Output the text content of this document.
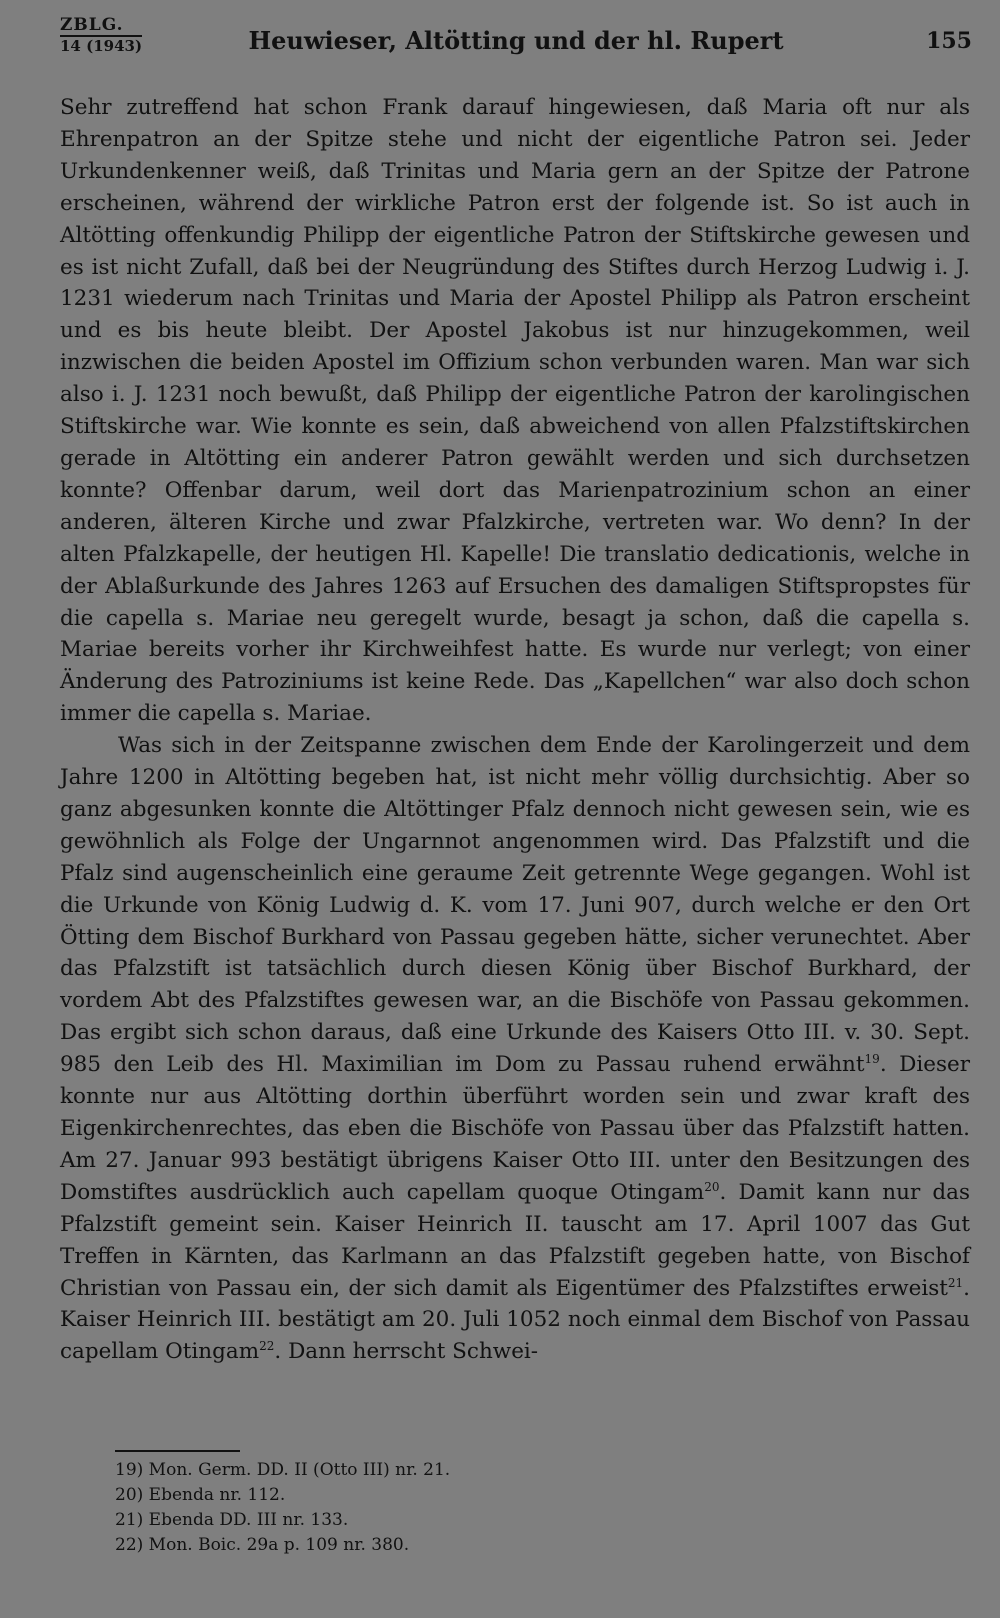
ZBLG.
14 (1943)	Heuwieser, Altötting und der hl. Rupert	155

Sehr zutreffend hat schon Frank darauf hingewiesen, daß Maria oft nur als Ehrenpatron an der Spitze stehe und nicht der eigentliche Patron sei. Jeder Urkundenkenner weiß, daß Trinitas und Maria gern an der Spitze der Patrone erscheinen, während der wirkliche Patron erst der folgende ist. So ist auch in Altötting offenkundig Philipp der eigentliche Patron der Stiftskirche gewesen und es ist nicht Zufall, daß bei der Neugründung des Stiftes durch Herzog Ludwig i. J. 1231 wiederum nach Trinitas und Maria der Apostel Philipp als Patron erscheint und es bis heute bleibt. Der Apostel Jakobus ist nur hinzugekommen, weil inzwischen die beiden Apostel im Offizium schon verbunden waren. Man war sich also i. J. 1231 noch bewußt, daß Philipp der eigentliche Patron der karolingischen Stiftskirche war. Wie konnte es sein, daß abweichend von allen Pfalzstiftskirchen gerade in Altötting ein anderer Patron gewählt werden und sich durchsetzen konnte? Offenbar darum, weil dort das Marienpatrozinium schon an einer anderen, älteren Kirche und zwar Pfalzkirche, vertreten war. Wo denn? In der alten Pfalzkapelle, der heutigen Hl. Kapelle! Die translatio dedicationis, welche in der Ablaßurkunde des Jahres 1263 auf Ersuchen des damaligen Stiftspropstes für die capella s. Mariae neu geregelt wurde, besagt ja schon, daß die capella s. Mariae bereits vorher ihr Kirchweihfest hatte. Es wurde nur verlegt; von einer Änderung des Patroziniums ist keine Rede. Das „Kapellchen“ war also doch schon immer die capella s. Mariae.

Was sich in der Zeitspanne zwischen dem Ende der Karolingerzeit und dem Jahre 1200 in Altötting begeben hat, ist nicht mehr völlig durchsichtig. Aber so ganz abgesunken konnte die Altöttinger Pfalz dennoch nicht gewesen sein, wie es gewöhnlich als Folge der Ungarnnot angenommen wird. Das Pfalzstift und die Pfalz sind augenscheinlich eine geraume Zeit getrennte Wege gegangen. Wohl ist die Urkunde von König Ludwig d. K. vom 17. Juni 907, durch welche er den Ort Ötting dem Bischof Burkhard von Passau gegeben hätte, sicher verunechtet. Aber das Pfalzstift ist tatsächlich durch diesen König über Bischof Burkhard, der vordem Abt des Pfalzstiftes gewesen war, an die Bischöfe von Passau gekommen. Das ergibt sich schon daraus, daß eine Urkunde des Kaisers Otto III. v. 30. Sept. 985 den Leib des Hl. Maximilian im Dom zu Passau ruhend erwähnt$^{19}$. Dieser konnte nur aus Altötting dorthin überführt worden sein und zwar kraft des Eigenkirchenrechtes, das eben die Bischöfe von Passau über das Pfalzstift hatten. Am 27. Januar 993 bestätigt übrigens Kaiser Otto III. unter den Besitzungen des Domstiftes ausdrücklich auch capellam quoque Otingam$^{20}$. Damit kann nur das Pfalzstift gemeint sein. Kaiser Heinrich II. tauscht am 17. April 1007 das Gut Treffen in Kärnten, das Karlmann an das Pfalzstift gegeben hatte, von Bischof Christian von Passau ein, der sich damit als Eigentümer des Pfalzstiftes erweist$^{21}$. Kaiser Heinrich III. bestätigt am 20. Juli 1052 noch einmal dem Bischof von Passau capellam Otingam$^{22}$. Dann herrscht Schwei-

19) Mon. Germ. DD. II (Otto III) nr. 21.
20) Ebenda nr. 112.
21) Ebenda DD. III nr. 133.
22) Mon. Boic. 29a p. 109 nr. 380.
